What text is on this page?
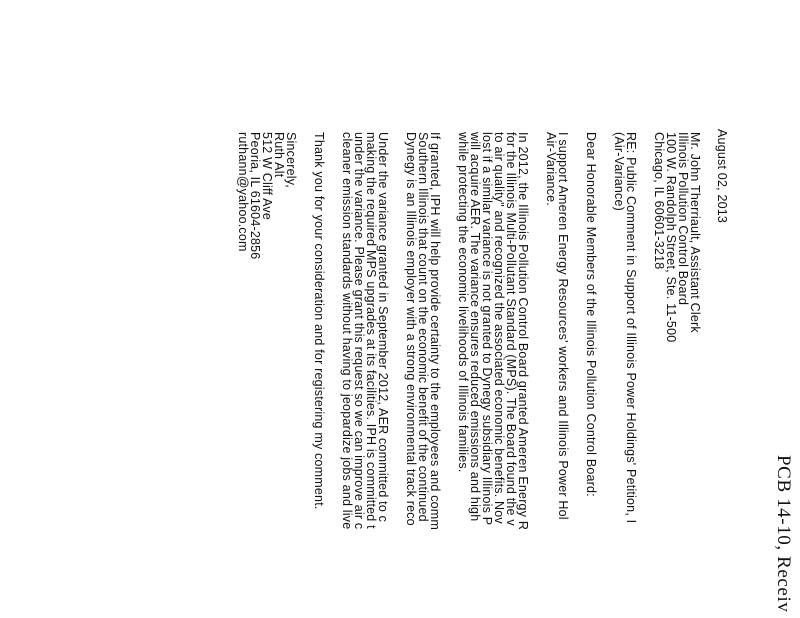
PCB 14-10, Receiv
August 02, 2013
Mr. John Therriault, Assistant Clerk
Illinois Pollution Control Board
100 W. Randolph Street, Ste. 11-500
Chicago, IL 60601-3218
RE: Public Comment in Support of Illinois Power Holdings' Petition, I
(Air-Variance)
Dear Honorable Members of the Illinois Pollution Control Board:
I support Ameren Energy Resources' workers and Illinois Power Hol
Air-Variance.
In 2012, the Illinois Pollution Control Board granted Ameren Energy R
for the Illinois Multi-Pollutant Standard (MPS). The Board found the v
to air quality" and recognized the associated economic benefits. Nov
lost if a similar variance is not granted to Dynegy subsidiary Illinois P
will acquire AER. The variance ensures reduced emissions and high
while protecting the economic livelihoods of Illinois families.
If granted, IPH will help provide certainty to the employees and comm
Southern Illinois that count on the economic benefit of the continued
Dynegy is an Illinois employer with a strong environmental track reco
Under the variance granted in September 2012, AER committed to c
making the required MPS upgrades at its facilities. IPH is committed t
under the variance. Please grant this request so we can improve air c
cleaner emission standards without having to jeopardize jobs and live
Thank you for your consideration and for registering my comment.
Sincerely,
Ruth Alt
512 W Cliff Ave
Peoria, IL 61604-2856
ruthann@yahoo.com
